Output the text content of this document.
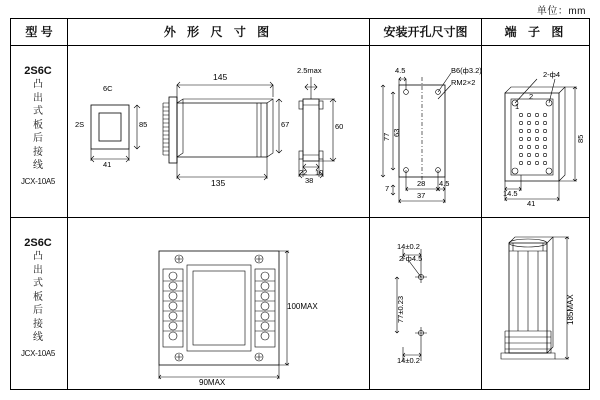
单位：mm
型 号	外 形 尺 寸 图	安装开孔尺寸图	端 子 图
2S6C
凸
出
式
板
后
接
线
JCX-10A5
6C
2S	85
41
145
135
67	60
2.5max
22 10
38
4.5	B6(ф3.2)
RM2×2
77 63
7
28 4.5
37
2-ф4
85
14.5
41
2
1
2S6C
凸
出
式
板
后
接
线
JCX-10A5
100MAX
90MAX
14±0.2
2-ф4.5
77±0.23
14±0.2
185MAX
